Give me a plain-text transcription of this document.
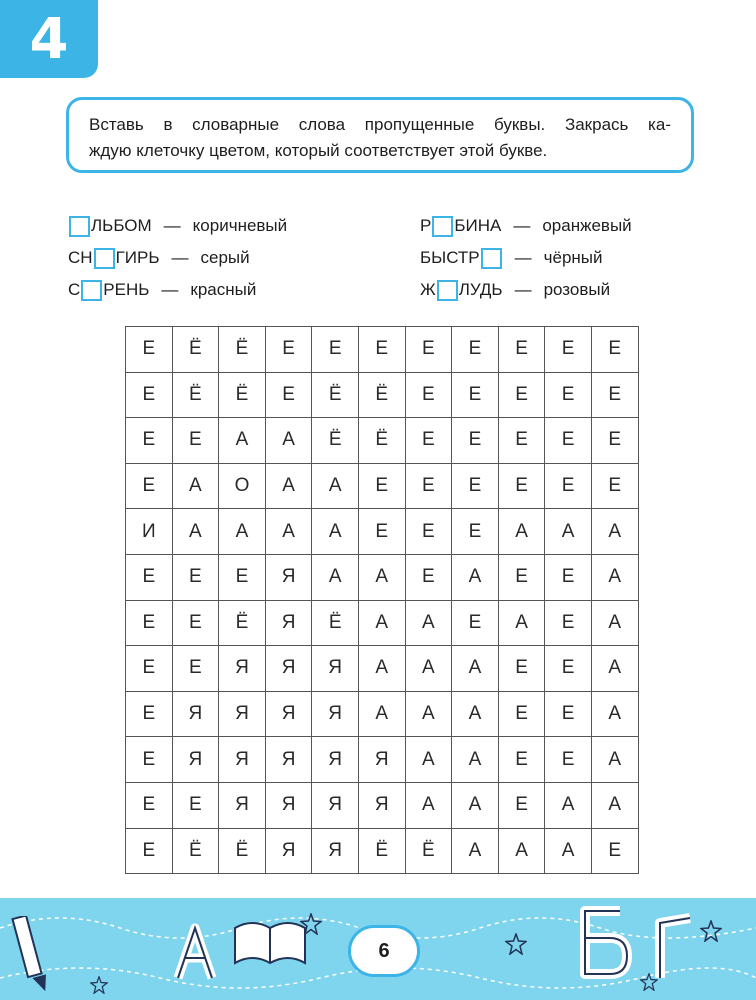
4
Вставь в словарные слова пропущенные буквы. Закрась ка-
ждую клеточку цветом, который соответствует этой букве.
ЛЬБОМ — коричневый
СН ГИРЬ — серый
С РЕНЬ — красный
Р БИНА — оранжевый
БЫСТР — чёрный
Ж ЛУДЬ — розовый
Е	Ё	Ё	Е	Е	Е	Е	Е	Е	Е	Е
Е	Ё	Ё	Е	Ё	Ё	Е	Е	Е	Е	Е
Е	Е	А	А	Ё	Ё	Е	Е	Е	Е	Е
Е	А	О	А	А	Е	Е	Е	Е	Е	Е
И	А	А	А	А	Е	Е	Е	А	А	А
Е	Е	Е	Я	А	А	Е	А	Е	Е	А
Е	Е	Ё	Я	Ё	А	А	Е	А	Е	А
Е	Е	Я	Я	Я	А	А	А	Е	Е	А
Е	Я	Я	Я	Я	А	А	А	Е	Е	А
Е	Я	Я	Я	Я	Я	А	А	Е	Е	А
Е	Е	Я	Я	Я	Я	А	А	Е	А	А
Е	Ё	Ё	Я	Я	Ё	Ё	А	А	А	Е
6
